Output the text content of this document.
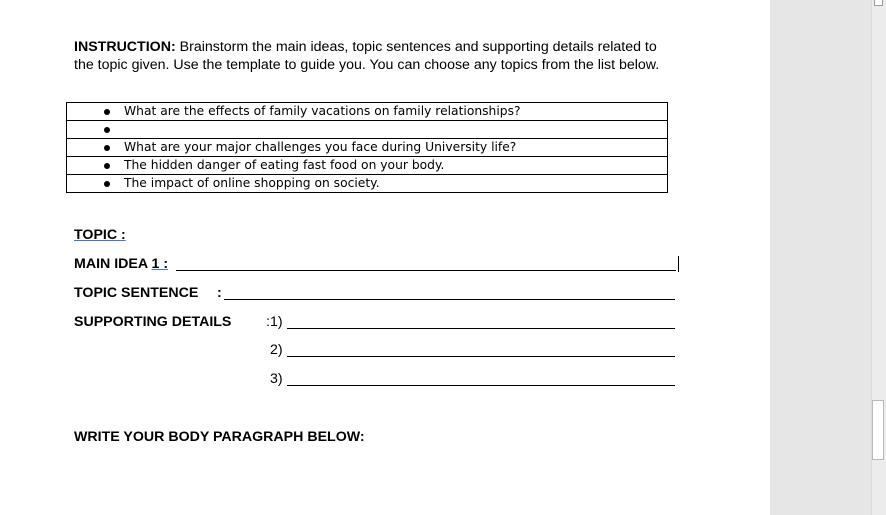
INSTRUCTION: Brainstorm the main ideas, topic sentences and supporting details related to the topic given. Use the template to guide you. You can choose any topics from the list below.
What are the effects of family vacations on family relationships?

What are your major challenges you face during University life?
The hidden danger of eating fast food on your body.
The impact of online shopping on society.
TOPIC :
MAIN IDEA 1 :
TOPIC SENTENCE :
SUPPORTING DETAILS :1)
2)
3)
WRITE YOUR BODY PARAGRAPH BELOW:
